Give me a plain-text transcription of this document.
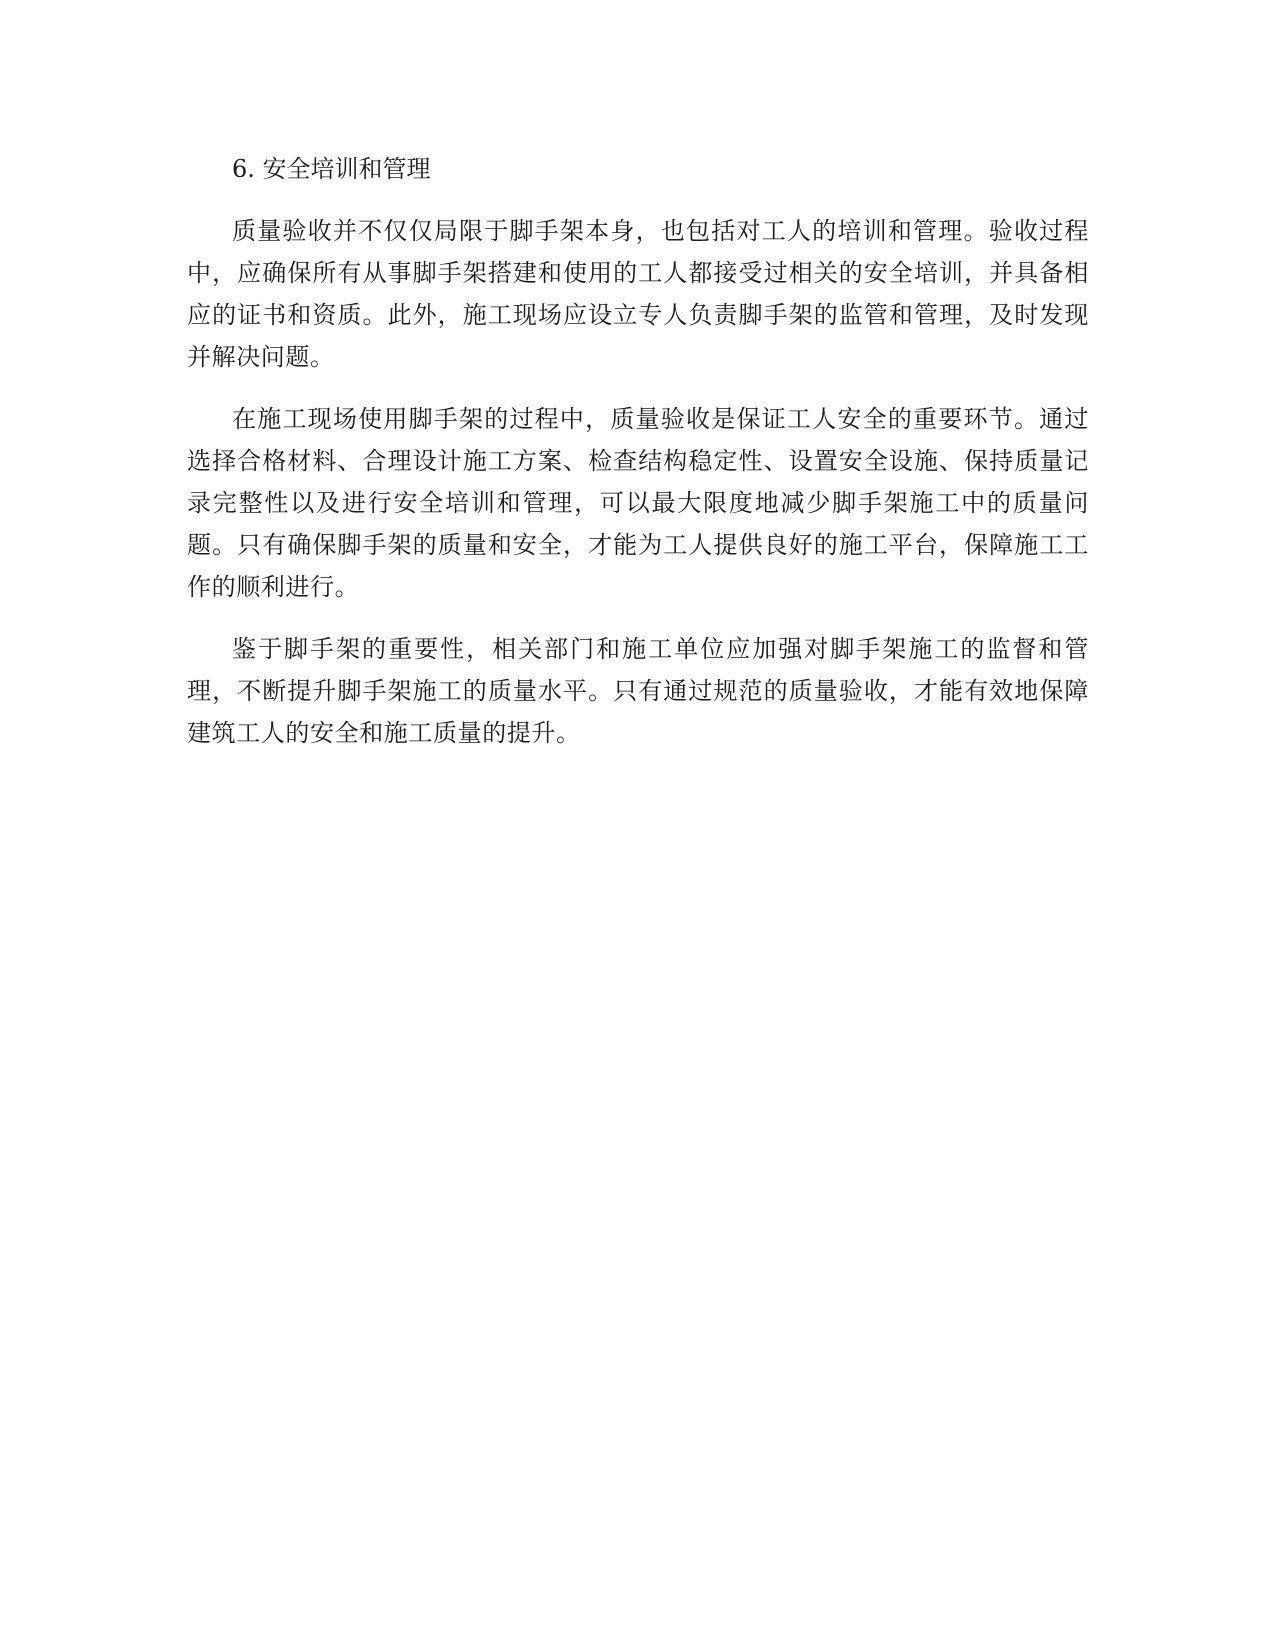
6. 安全培训和管理

质量验收并不仅仅局限于脚手架本身，也包括对工人的培训和管理。验收过程中，应确保所有从事脚手架搭建和使用的工人都接受过相关的安全培训，并具备相应的证书和资质。此外，施工现场应设立专人负责脚手架的监管和管理，及时发现并解决问题。

在施工现场使用脚手架的过程中，质量验收是保证工人安全的重要环节。通过选择合格材料、合理设计施工方案、检查结构稳定性、设置安全设施、保持质量记录完整性以及进行安全培训和管理，可以最大限度地减少脚手架施工中的质量问题。只有确保脚手架的质量和安全，才能为工人提供良好的施工平台，保障施工工作的顺利进行。

鉴于脚手架的重要性，相关部门和施工单位应加强对脚手架施工的监督和管理，不断提升脚手架施工的质量水平。只有通过规范的质量验收，才能有效地保障建筑工人的安全和施工质量的提升。
